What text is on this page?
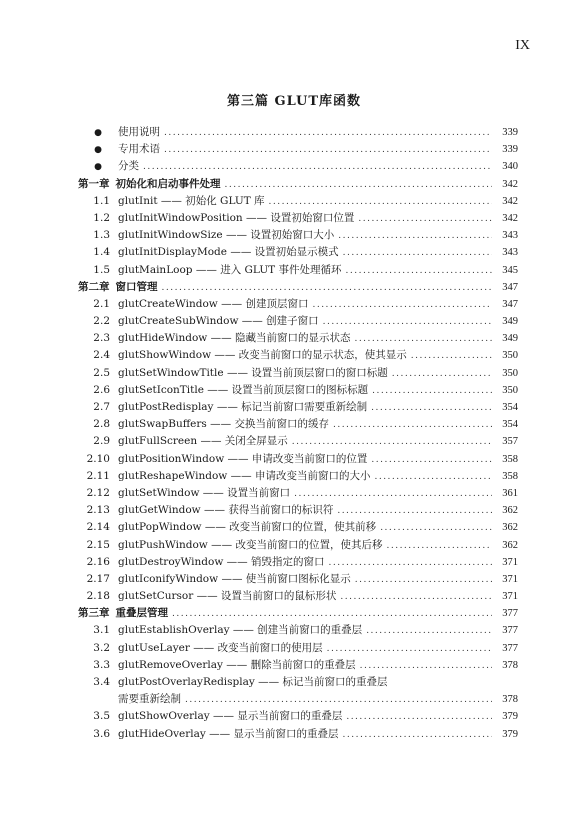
IX
第三篇 GLUT库函数
●	使用说明 .....	339
●	专用术语 .....	339
●	分类 .....	340
第一章 初始化和启动事件处理 .....	342
1.1 glutInit —— 初始化 GLUT 库 .....	342
1.2 glutInitWindowPosition —— 设置初始窗口位置 .....	342
1.3 glutInitWindowSize —— 设置初始窗口大小 .....	343
1.4 glutInitDisplayMode —— 设置初始显示模式 .....	343
1.5 glutMainLoop —— 进入 GLUT 事件处理循环 .....	345
第二章 窗口管理 .....	347
2.1 glutCreateWindow —— 创建顶层窗口 .....	347
2.2 glutCreateSubWindow —— 创建子窗口 .....	349
2.3 glutHideWindow —— 隐藏当前窗口的显示状态 .....	349
2.4 glutShowWindow —— 改变当前窗口的显示状态，使其显示 .....	350
2.5 glutSetWindowTitle —— 设置当前顶层窗口的窗口标题 .....	350
2.6 glutSetIconTitle —— 设置当前顶层窗口的图标标题 .....	350
2.7 glutPostRedisplay —— 标记当前窗口需要重新绘制 .....	354
2.8 glutSwapBuffers —— 交换当前窗口的缓存 .....	354
2.9 glutFullScreen —— 关闭全屏显示 .....	357
2.10 glutPositionWindow —— 申请改变当前窗口的位置 .....	358
2.11 glutReshapeWindow —— 申请改变当前窗口的大小 .....	358
2.12 glutSetWindow —— 设置当前窗口 .....	361
2.13 glutGetWindow —— 获得当前窗口的标识符 .....	362
2.14 glutPopWindow —— 改变当前窗口的位置，使其前移 .....	362
2.15 glutPushWindow —— 改变当前窗口的位置，使其后移 .....	362
2.16 glutDestroyWindow —— 销毁指定的窗口 .....	371
2.17 glutIconifyWindow —— 使当前窗口图标化显示 .....	371
2.18 glutSetCursor —— 设置当前窗口的鼠标形状 .....	371
第三章 重叠层管理 .....	377
3.1 glutEstablishOverlay —— 创建当前窗口的重叠层 .....	377
3.2 glutUseLayer —— 改变当前窗口的使用层 .....	377
3.3 glutRemoveOverlay —— 删除当前窗口的重叠层 .....	378
3.4 glutPostOverlayRedisplay —— 标记当前窗口的重叠层
需要重新绘制 .....	378
3.5 glutShowOverlay —— 显示当前窗口的重叠层 .....	379
3.6 glutHideOverlay —— 显示当前窗口的重叠层 .....	379
